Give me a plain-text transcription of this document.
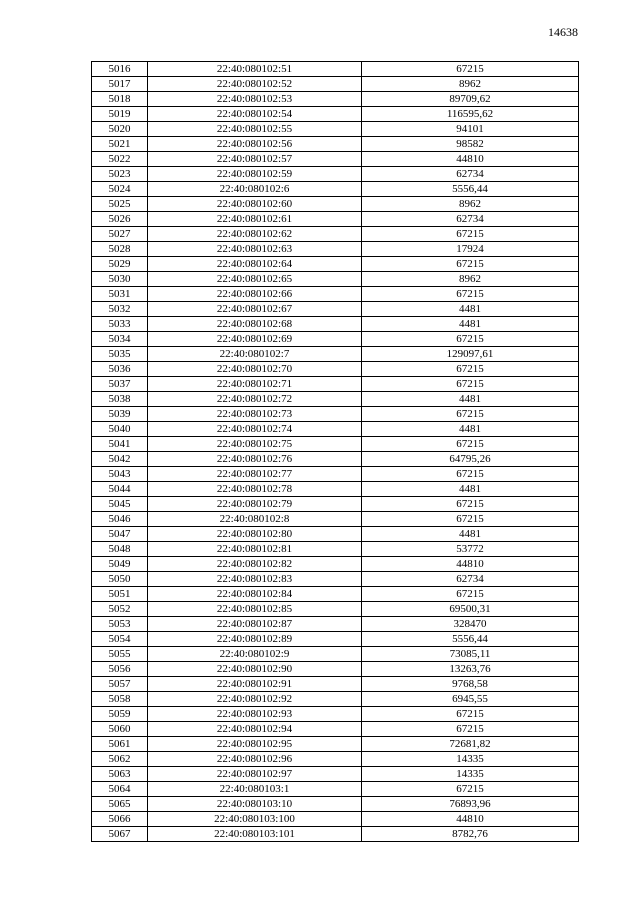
14638
5016	22:40:080102:51	67215
5017	22:40:080102:52	8962
5018	22:40:080102:53	89709,62
5019	22:40:080102:54	116595,62
5020	22:40:080102:55	94101
5021	22:40:080102:56	98582
5022	22:40:080102:57	44810
5023	22:40:080102:59	62734
5024	22:40:080102:6	5556,44
5025	22:40:080102:60	8962
5026	22:40:080102:61	62734
5027	22:40:080102:62	67215
5028	22:40:080102:63	17924
5029	22:40:080102:64	67215
5030	22:40:080102:65	8962
5031	22:40:080102:66	67215
5032	22:40:080102:67	4481
5033	22:40:080102:68	4481
5034	22:40:080102:69	67215
5035	22:40:080102:7	129097,61
5036	22:40:080102:70	67215
5037	22:40:080102:71	67215
5038	22:40:080102:72	4481
5039	22:40:080102:73	67215
5040	22:40:080102:74	4481
5041	22:40:080102:75	67215
5042	22:40:080102:76	64795,26
5043	22:40:080102:77	67215
5044	22:40:080102:78	4481
5045	22:40:080102:79	67215
5046	22:40:080102:8	67215
5047	22:40:080102:80	4481
5048	22:40:080102:81	53772
5049	22:40:080102:82	44810
5050	22:40:080102:83	62734
5051	22:40:080102:84	67215
5052	22:40:080102:85	69500,31
5053	22:40:080102:87	328470
5054	22:40:080102:89	5556,44
5055	22:40:080102:9	73085,11
5056	22:40:080102:90	13263,76
5057	22:40:080102:91	9768,58
5058	22:40:080102:92	6945,55
5059	22:40:080102:93	67215
5060	22:40:080102:94	67215
5061	22:40:080102:95	72681,82
5062	22:40:080102:96	14335
5063	22:40:080102:97	14335
5064	22:40:080103:1	67215
5065	22:40:080103:10	76893,96
5066	22:40:080103:100	44810
5067	22:40:080103:101	8782,76
